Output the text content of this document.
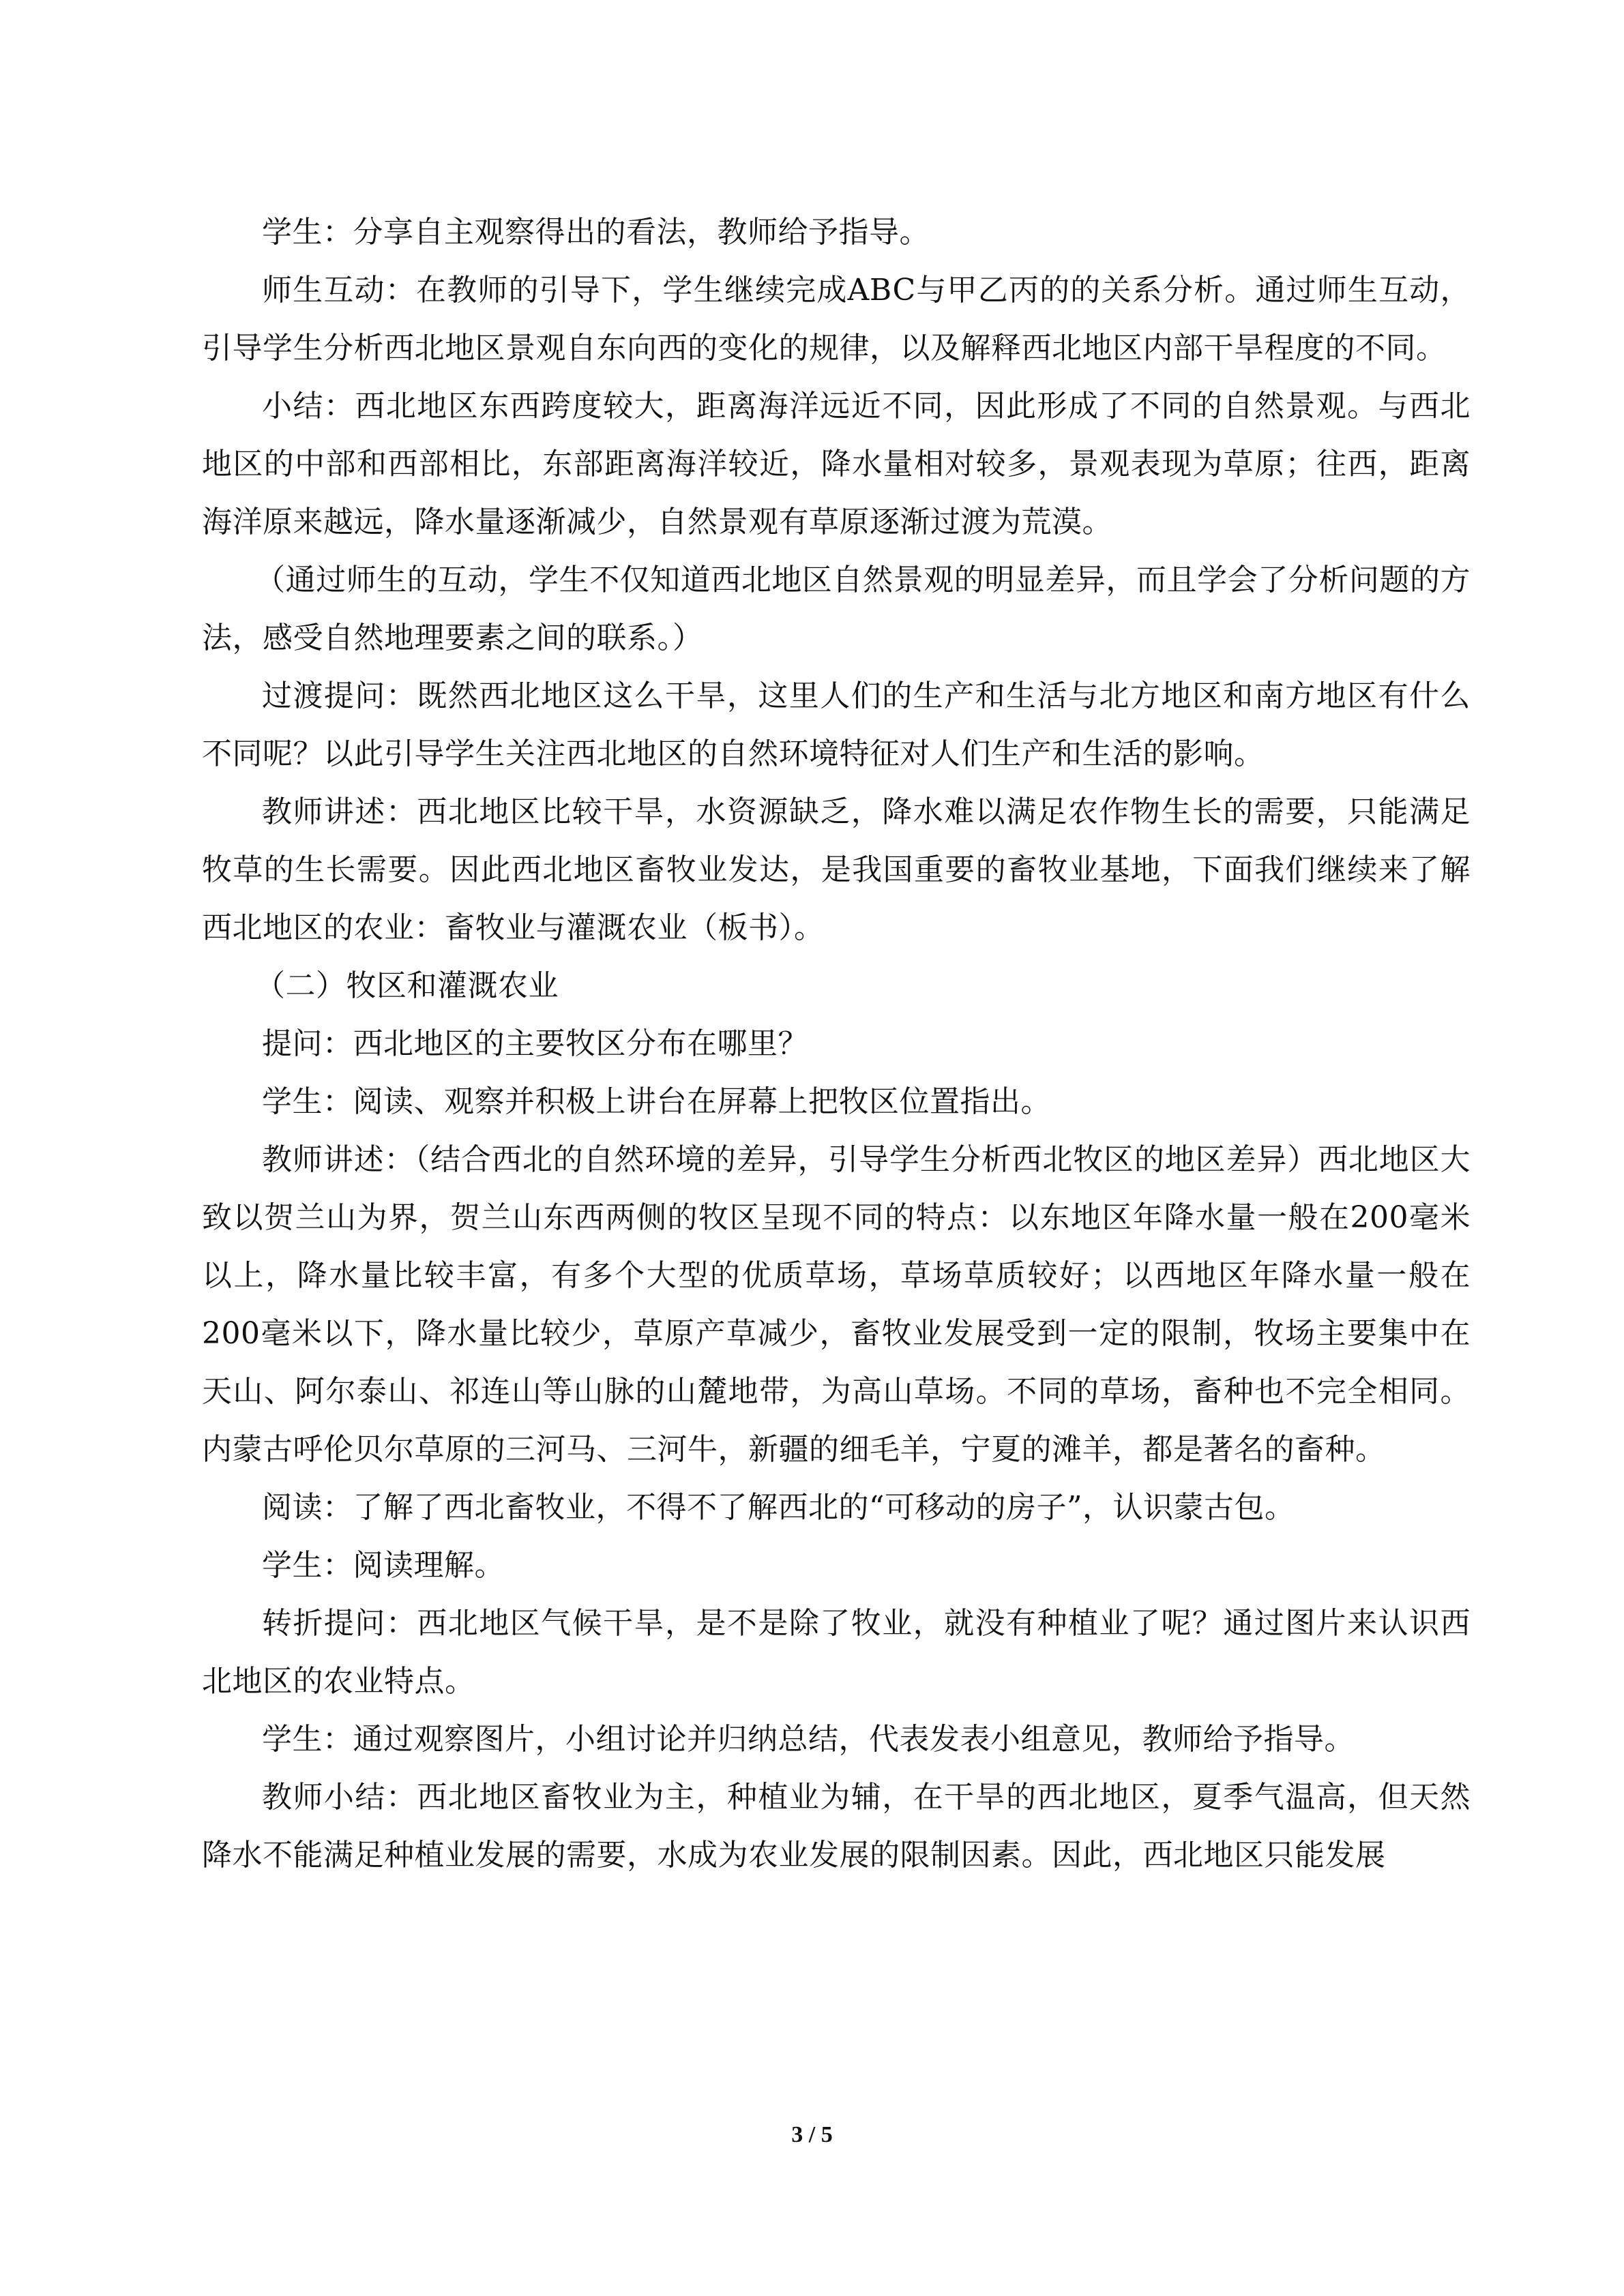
学生：分享自主观察得出的看法，教师给予指导。

师生互动：在教师的引导下，学生继续完成ABC与甲乙丙的的关系分析。通过师生互动，引导学生分析西北地区景观自东向西的变化的规律，以及解释西北地区内部干旱程度的不同。

小结：西北地区东西跨度较大，距离海洋远近不同，因此形成了不同的自然景观。与西北地区的中部和西部相比，东部距离海洋较近，降水量相对较多，景观表现为草原；往西，距离海洋原来越远，降水量逐渐减少，自然景观有草原逐渐过渡为荒漠。

（通过师生的互动，学生不仅知道西北地区自然景观的明显差异，而且学会了分析问题的方法，感受自然地理要素之间的联系。）

过渡提问：既然西北地区这么干旱，这里人们的生产和生活与北方地区和南方地区有什么不同呢？以此引导学生关注西北地区的自然环境特征对人们生产和生活的影响。

教师讲述：西北地区比较干旱，水资源缺乏，降水难以满足农作物生长的需要，只能满足牧草的生长需要。因此西北地区畜牧业发达，是我国重要的畜牧业基地，下面我们继续来了解西北地区的农业：畜牧业与灌溉农业（板书）。

（二）牧区和灌溉农业

提问：西北地区的主要牧区分布在哪里？

学生：阅读、观察并积极上讲台在屏幕上把牧区位置指出。

教师讲述：（结合西北的自然环境的差异，引导学生分析西北牧区的地区差异）西北地区大致以贺兰山为界，贺兰山东西两侧的牧区呈现不同的特点：以东地区年降水量一般在200毫米以上，降水量比较丰富，有多个大型的优质草场，草场草质较好；以西地区年降水量一般在200毫米以下，降水量比较少，草原产草减少，畜牧业发展受到一定的限制，牧场主要集中在天山、阿尔泰山、祁连山等山脉的山麓地带，为高山草场。不同的草场，畜种也不完全相同。内蒙古呼伦贝尔草原的三河马、三河牛，新疆的细毛羊，宁夏的滩羊，都是著名的畜种。

阅读：了解了西北畜牧业，不得不了解西北的“可移动的房子”，认识蒙古包。

学生：阅读理解。

转折提问：西北地区气候干旱，是不是除了牧业，就没有种植业了呢？通过图片来认识西北地区的农业特点。

学生：通过观察图片，小组讨论并归纳总结，代表发表小组意见，教师给予指导。

教师小结：西北地区畜牧业为主，种植业为辅，在干旱的西北地区，夏季气温高，但天然降水不能满足种植业发展的需要，水成为农业发展的限制因素。因此，西北地区只能发展

3 / 5
